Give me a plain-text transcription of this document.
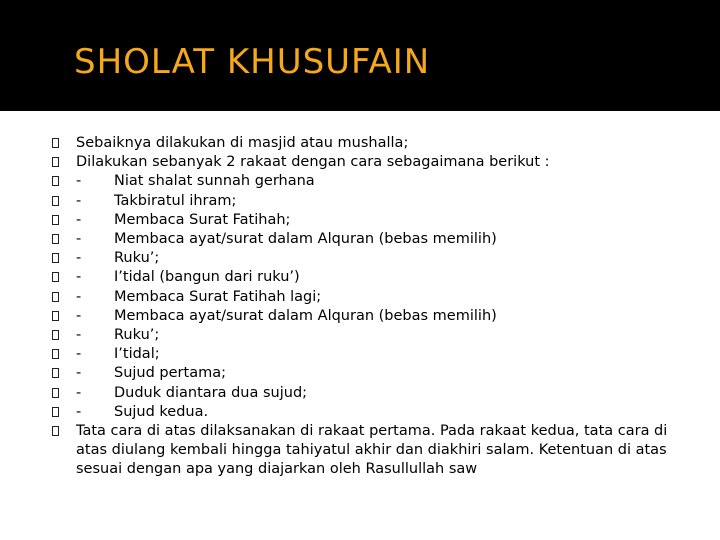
SHOLAT KHUSUFAIN
Sebaiknya dilakukan di masjid atau mushalla;
Dilakukan sebanyak 2 rakaat dengan cara sebagaimana berikut :
- Niat shalat sunnah gerhana
- Takbiratul ihram;
- Membaca Surat Fatihah;
- Membaca ayat/surat dalam Alquran (bebas memilih)
- Ruku’;
- I’tidal (bangun dari ruku’)
- Membaca Surat Fatihah lagi;
- Membaca ayat/surat dalam Alquran (bebas memilih)
- Ruku’;
- I’tidal;
- Sujud pertama;
- Duduk diantara dua sujud;
- Sujud kedua.
Tata cara di atas dilaksanakan di rakaat pertama. Pada rakaat kedua, tata cara di atas diulang kembali hingga tahiyatul akhir dan diakhiri salam. Ketentuan di atas sesuai dengan apa yang diajarkan oleh Rasullullah saw
